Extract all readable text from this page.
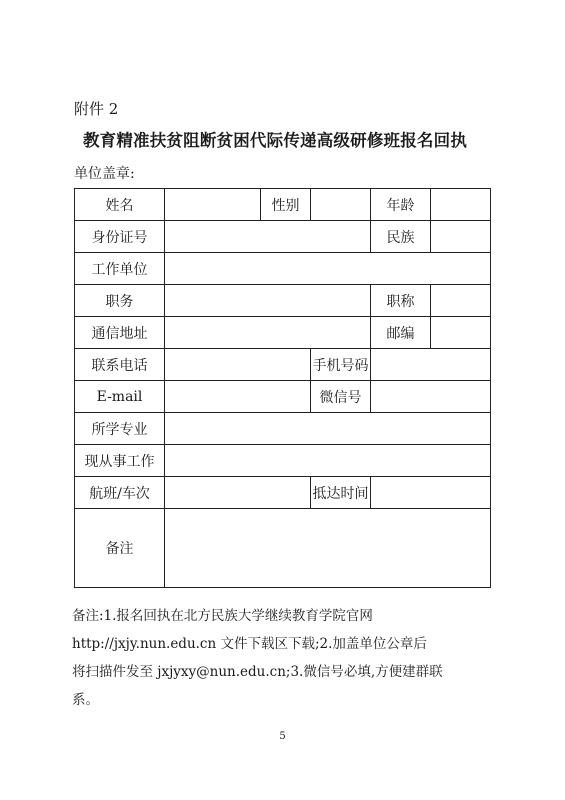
附件 2
教育精准扶贫阻断贫困代际传递高级研修班报名回执
单位盖章:
姓名		性别		年龄	
身份证号				民族	
工作单位					
职务				职称	
通信地址				邮编	
联系电话			手机号码		
E-mail			微信号		
所学专业					
现从事工作					
航班/车次			抵达时间		
备注					
备注:1.报名回执在北方民族大学继续教育学院官网
http://jxjy.nun.edu.cn 文件下载区下载;2.加盖单位公章后
将扫描件发至 jxjyxy@nun.edu.cn;3.微信号必填,方便建群联
系。
5
